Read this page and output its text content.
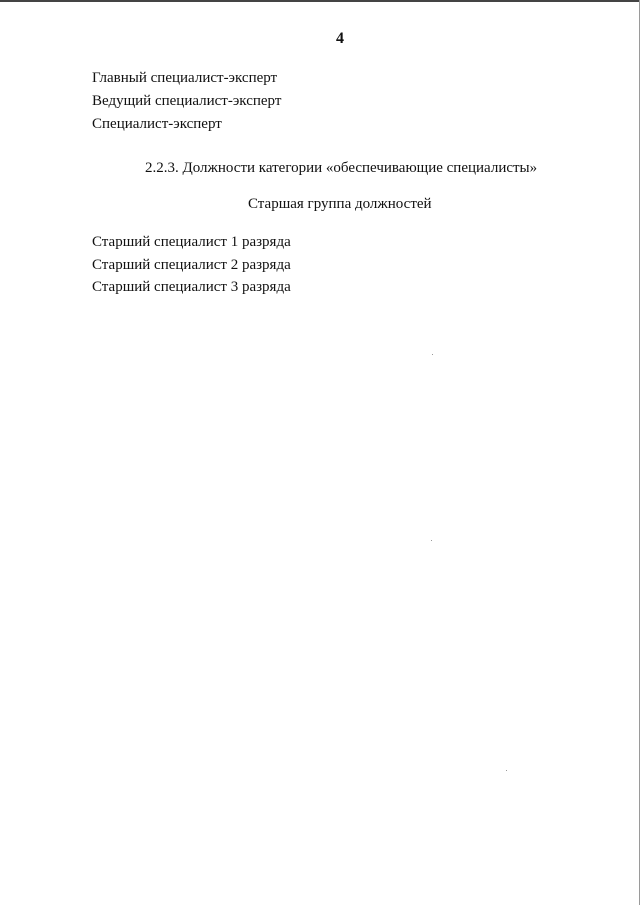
4
Главный специалист-эксперт
Ведущий специалист-эксперт
Специалист-эксперт
2.2.3. Должности категории «обеспечивающие специалисты»
Старшая группа должностей
Старший специалист 1 разряда
Старший специалист 2 разряда
Старший специалист 3 разряда
